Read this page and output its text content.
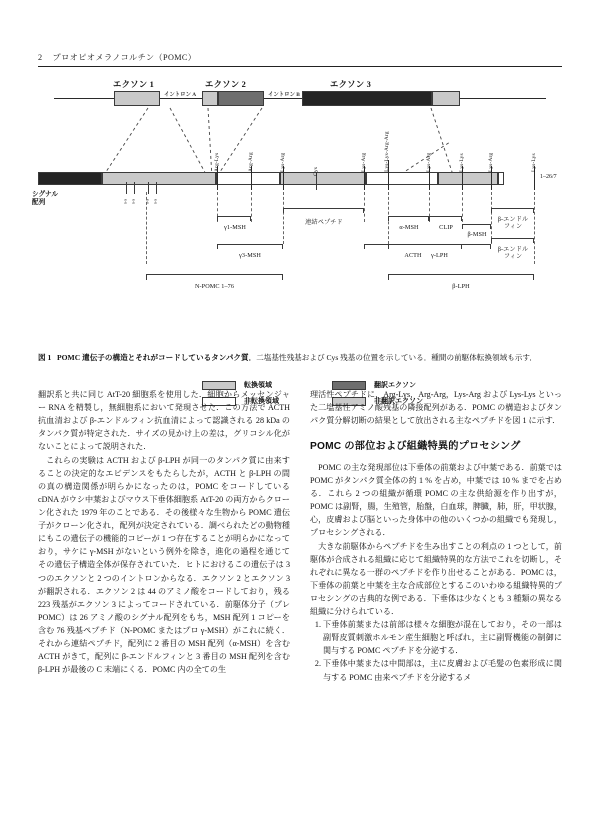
2 プロオピオメラノコルチン（POMC）
エクソン 1
イントロン A
エクソン 2
イントロン B
エクソン 3
Arg-Lys	Arg-Arg	Lys-Arg	Cys	Lys-Arg	Lys-Lys-Arg-Arg	Lys-Arg	Lys-Lys	Lys-Arg	Lys-Lys
S-S S-S	S-S S-S
シグナル
配列
1–26/7
γ1-MSH
連結ペプチド
α-MSH	CLIP
β-MSH
β-エンドル
フィン
γ3-MSH	ACTH	γ-LPH
β-エンドル
フィン
N-POMC 1–76	β-LPH
転換領域	翻訳エクソン
非転換領域	非翻訳エクソン
図 1 POMC 遺伝子の構造とそれがコードしているタンパク質．二塩基性残基および Cys 残基の位置を示している．種間の前駆体転換領域も示す．

翻訳系と共に同じ AtT-20 細胞系を使用した．細胞からメッセンジャー RNA を精製し，無細胞系において発現させた．この方法で ACTH 抗血清および β-エンドルフィン抗血清によって認識される 28 kDa のタンパク質が特定された．サイズの見かけ上の差は，グリコシル化がないことによって説明された．

これらの実験は ACTH および β-LPH が同一のタンパク質に由来することの決定的なエビデンスをもたらしたが，ACTH と β-LPH の間の真の構造関係が明らかになったのは，POMC をコードしている cDNA がウシ中葉およびマウス下垂体細胞系 AtT-20 の両方からクローン化された 1979 年のことである．その後様々な生物から POMC 遺伝子がクローン化され，配列が決定されている．調べられたどの動物種にもこの遺伝子の機能的コピーが 1 つ存在することが明らかになっており，サケに γ-MSH がないという例外を除き，進化の過程を通じてその遺伝子構造全体が保存されていた．ヒトにおけるこの遺伝子は 3 つのエクソンと 2 つのイントロンからなる．エクソン 2 とエクソン 3 が翻訳される．エクソン 2 は 44 のアミノ酸をコードしており，残る 223 残基がエクソン 3 によってコードされている．前駆体分子（プレ POMC）は 26 アミノ酸のシグナル配列をもち，MSH 配列 1 コピーを含む 76 残基ペプチド（N-POMC またはプロ γ-MSH）がこれに続く．それから連結ペプチド，配列に 2 番目の MSH 配列（α-MSH）を含む ACTH がきて，配列に β-エンドルフィンと 3 番目の MSH 配列を含む β-LPH が最後の C 末端にくる．POMC 内の全ての生

理活性ペプチドに，Arg-Lys，Arg-Arg，Lys-Arg および Lys-Lys といった二塩基性アミノ酸残基の隣接配列がある．POMC の構造およびタンパク質分解切断の結果として放出される主なペプチドを図 1 に示す．

POMC の部位および組織特異的プロセシング

POMC の主な発現部位は下垂体の前葉および中葉である．前葉では POMC がタンパク質全体の約 1 % を占め，中葉では 10 % までを占める．これら 2 つの組織が循環 POMC の主な供給源を作り出すが，POMC は副腎，腸，生殖管，胎盤，白血球，脾臓，肺，肝，甲状腺，心，皮膚および脳といった身体中の他のいくつかの組織でも発現し，プロセシングされる．

大きな前駆体からペプチドを生み出すことの利点の 1 つとして，前駆体が合成される組織に応じて組織特異的な方法でこれを切断し，それぞれに異なる一群のペプチドを作り出せることがある．POMC は，下垂体の前葉と中葉を主な合成部位とするこのいわゆる組織特異的プロセシングの古典的な例である．下垂体は少なくとも 3 種類の異なる組織に分けられている．

1. 下垂体前葉または前部は様々な細胞が混在しており，その一部は副腎皮質刺激ホルモン産生細胞と呼ばれ，主に副腎機能の制御に関与する POMC ペプチドを分泌する．
2. 下垂体中葉または中間部は，主に皮膚および毛髪の色素形成に関与する POMC 由来ペプチドを分泌するメ
